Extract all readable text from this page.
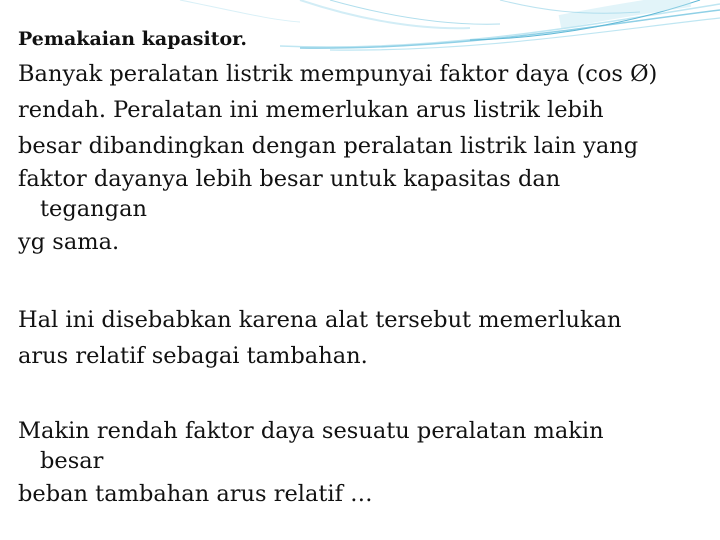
Pemakaian kapasitor.
Banyak peralatan listrik mempunyai faktor daya (cos Ø)
rendah. Peralatan ini memerlukan arus listrik lebih
besar dibandingkan dengan peralatan listrik lain yang
faktor dayanya lebih besar untuk kapasitas dan
tegangan
yg sama.
Hal ini disebabkan karena alat tersebut memerlukan
arus relatif sebagai tambahan.
Makin rendah faktor daya sesuatu peralatan makin
besar
beban tambahan arus relatif …
